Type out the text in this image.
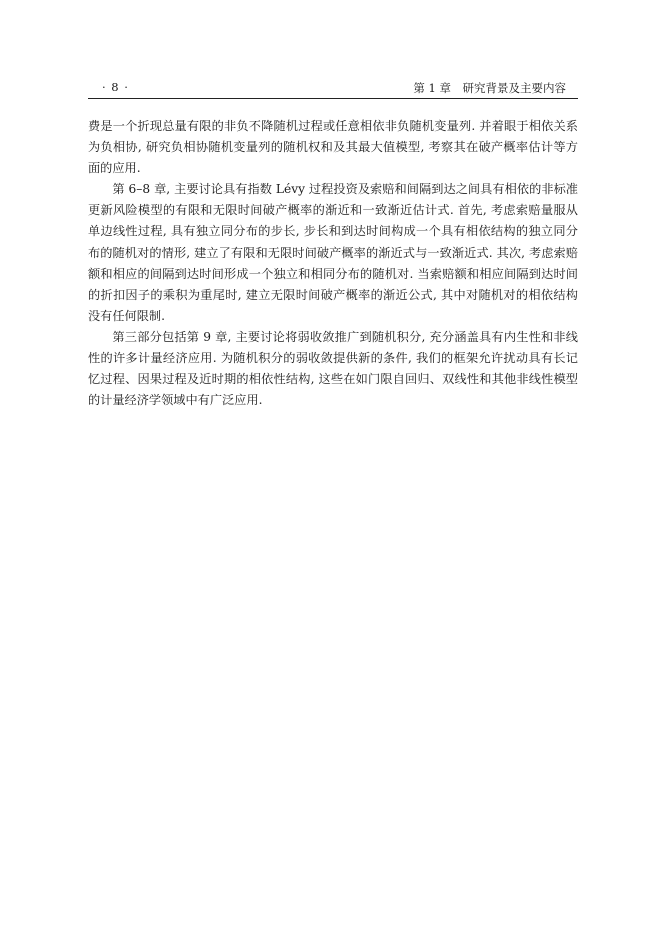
· 8 ·	第 1 章　研究背景及主要内容

费是一个折现总量有限的非负不降随机过程或任意相依非负随机变量列. 并着眼于相依关系为负相协, 研究负相协随机变量列的随机权和及其最大值模型, 考察其在破产概率估计等方面的应用.

第 6–8 章, 主要讨论具有指数 Lévy 过程投资及索赔和间隔到达之间具有相依的非标准更新风险模型的有限和无限时间破产概率的渐近和一致渐近估计式. 首先, 考虑索赔量服从单边线性过程, 具有独立同分布的步长, 步长和到达时间构成一个具有相依结构的独立同分布的随机对的情形, 建立了有限和无限时间破产概率的渐近式与一致渐近式. 其次, 考虑索赔额和相应的间隔到达时间形成一个独立和相同分布的随机对. 当索赔额和相应间隔到达时间的折扣因子的乘积为重尾时, 建立无限时间破产概率的渐近公式, 其中对随机对的相依结构没有任何限制.

第三部分包括第 9 章, 主要讨论将弱收敛推广到随机积分, 充分涵盖具有内生性和非线性的许多计量经济应用. 为随机积分的弱收敛提供新的条件, 我们的框架允许扰动具有长记忆过程、因果过程及近时期的相依性结构, 这些在如门限自回归、双线性和其他非线性模型的计量经济学领域中有广泛应用.
